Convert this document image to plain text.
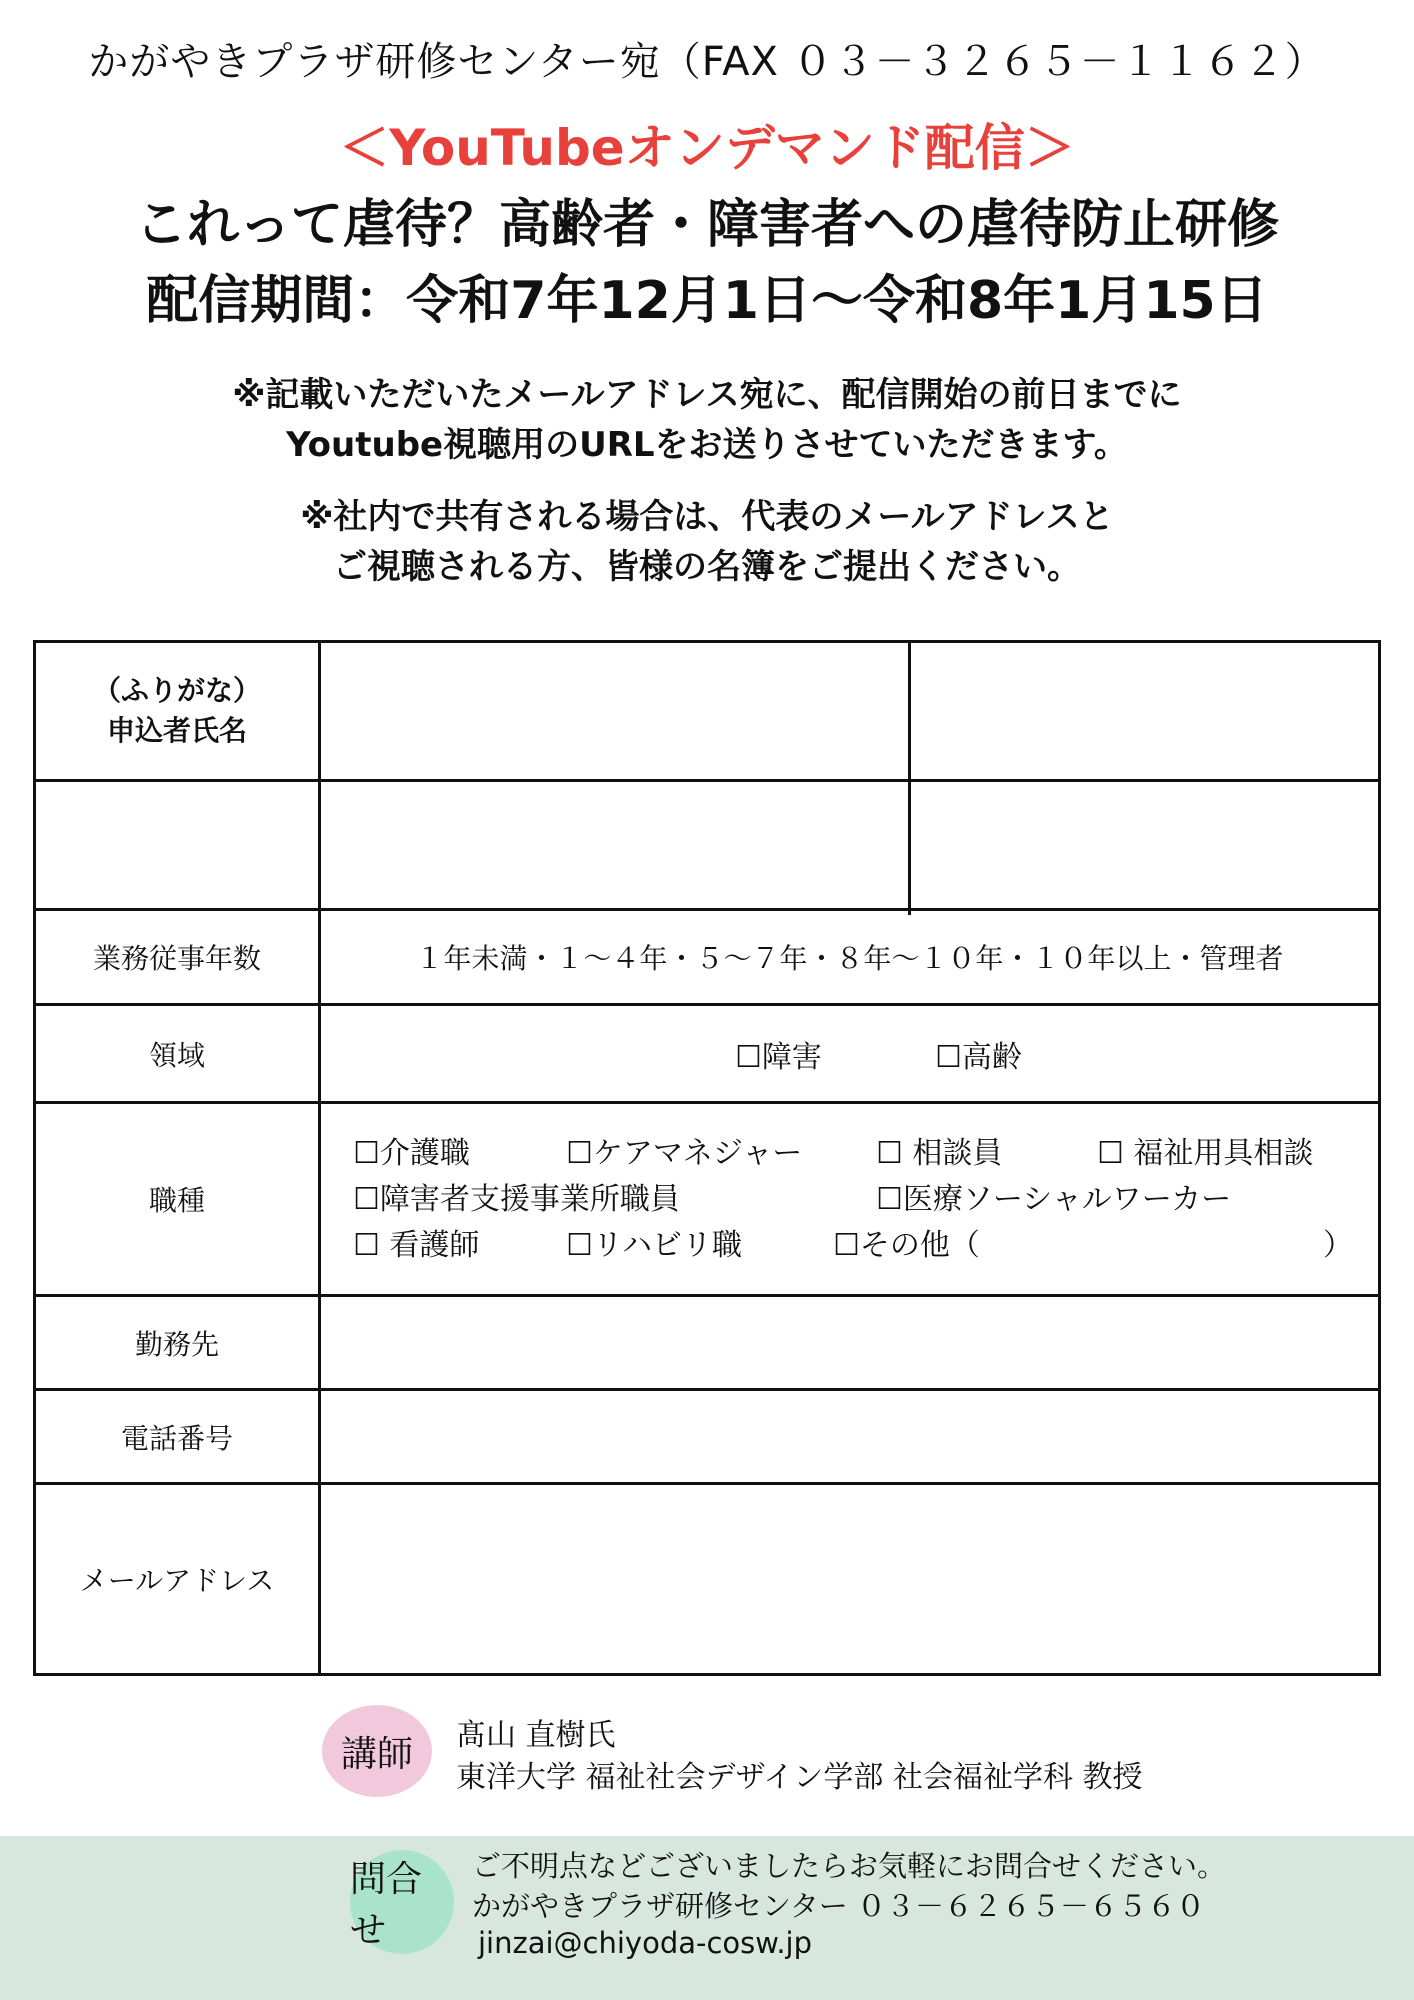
かがやきプラザ研修センター宛（FAX ０３－３２６５－１１６２）
＜YouTubeオンデマンド配信＞
これって虐待？高齢者・障害者への虐待防止研修
配信期間：令和7年12月1日～令和8年1月15日
※記載いただいたメールアドレス宛に、配信開始の前日までに
Youtube視聴用のURLをお送りさせていただきます。
※社内で共有される場合は、代表のメールアドレスと
ご視聴される方、皆様の名簿をご提出ください。
（ふりがな）
申込者氏名
業務従事年数	１年未満・１～４年・５～７年・８年～１０年・１０年以上・管理者
領域	☐障害	☐高齢
職種
☐介護職	☐ケアマネジャー ☐ 相談員	☐ 福祉用具相談
☐障害者支援事業所職員	☐医療ソーシャルワーカー
☐ 看護師	☐リハビリ職	☐その他（	）
勤務先
電話番号
メールアドレス
講師	髙山 直樹氏
東洋大学 福祉社会デザイン学部 社会福祉学科 教授
問合せ
ご不明点などございましたらお気軽にお問合せください。
かがやきプラザ研修センター ０３－６２６５－６５６０
jinzai@chiyoda-cosw.jp
